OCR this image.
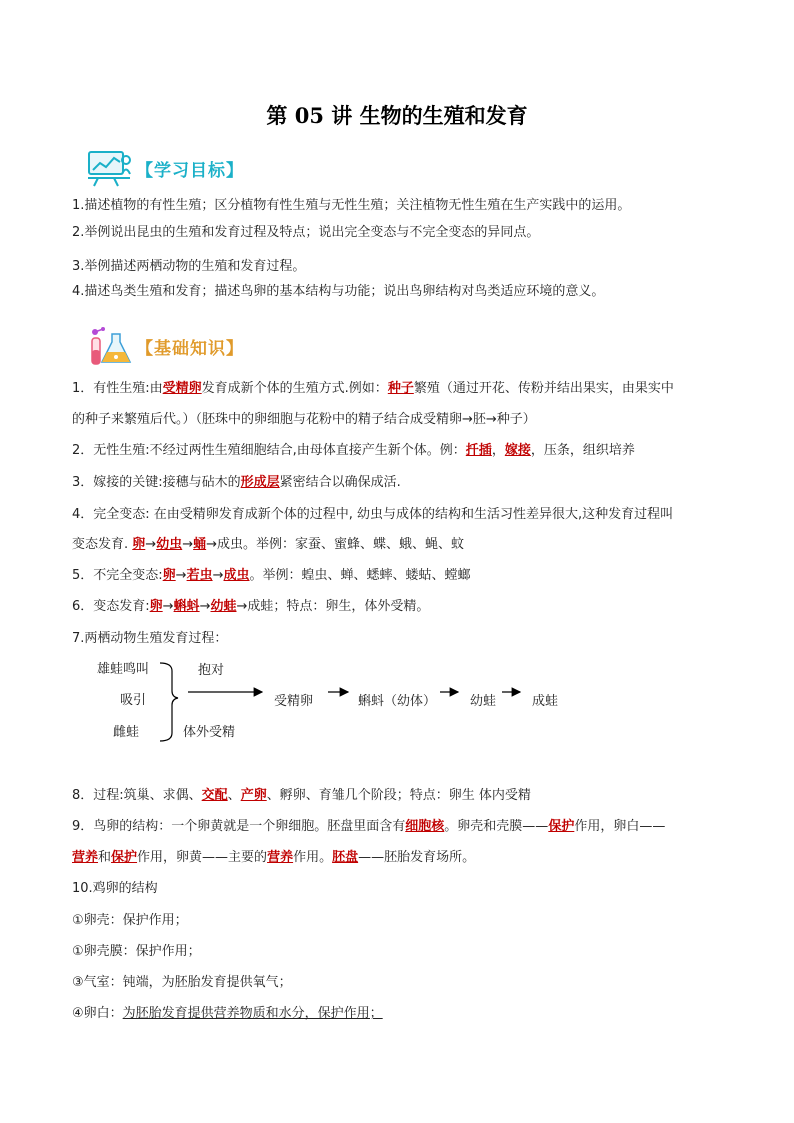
第 05 讲 生物的生殖和发育
【学习目标】
1.描述植物的有性生殖；区分植物有性生殖与无性生殖；关注植物无性生殖在生产实践中的运用。
2.举例说出昆虫的生殖和发育过程及特点；说出完全变态与不完全变态的异同点。
3.举例描述两栖动物的生殖和发育过程。
4.描述鸟类生殖和发育；描述鸟卵的基本结构与功能；说出鸟卵结构对鸟类适应环境的意义。
【基础知识】
1．有性生殖:由受精卵发育成新个体的生殖方式.例如：种子繁殖（通过开花、传粉并结出果实，由果实中
的种子来繁殖后代。）（胚珠中的卵细胞与花粉中的精子结合成受精卵→胚→种子）
2．无性生殖:不经过两性生殖细胞结合,由母体直接产生新个体。例：扦插，嫁接，压条，组织培养
3．嫁接的关键:接穗与砧木的形成层紧密结合以确保成活.
4．完全变态: 在由受精卵发育成新个体的过程中, 幼虫与成体的结构和生活习性差异很大,这种发育过程叫
变态发育. 卵→幼虫→蛹→成虫。举例：家蚕、蜜蜂、蝶、蛾、蝇、蚊
5．不完全变态:卵→若虫→成虫。举例：蝗虫、蝉、蟋蟀、蝼蛄、螳螂
6．变态发育:卵→蝌蚪→幼蛙→成蛙；特点：卵生，体外受精。
7.两栖动物生殖发育过程：
雄蛙鸣叫
吸引
雌蛙
抱对
体外受精
受精卵	蝌蚪（幼体）	幼蛙	成蛙
8．过程:筑巢、求偶、交配、产卵、孵卵、育雏几个阶段；特点：卵生 体内受精
9．鸟卵的结构：一个卵黄就是一个卵细胞。胚盘里面含有细胞核。卵壳和壳膜——保护作用，卵白——
营养和保护作用，卵黄——主要的营养作用。胚盘——胚胎发育场所。
10.鸡卵的结构
①卵壳：保护作用；
①卵壳膜：保护作用；
③气室：钝端，为胚胎发育提供氧气；
④卵白：为胚胎发育提供营养物质和水分，保护作用；
